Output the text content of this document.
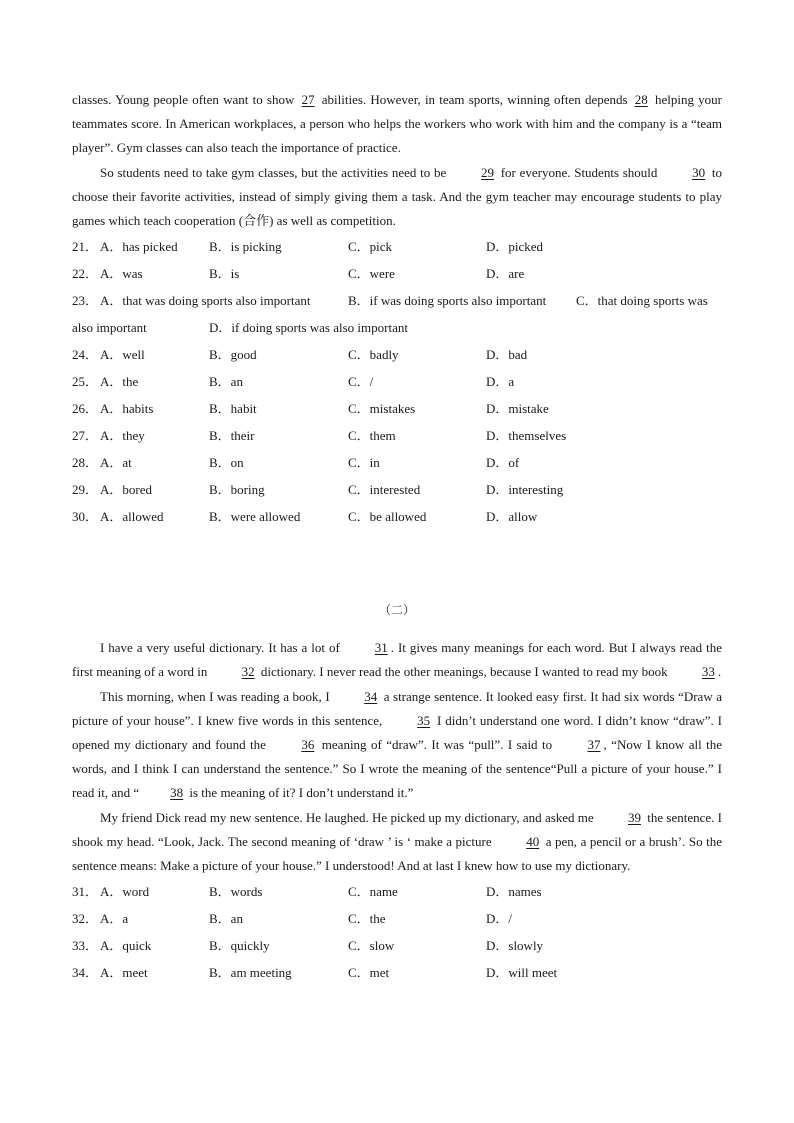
classes. Young people often want to show 27 abilities. However, in team sports, winning often depends 28 helping your teammates score. In American workplaces, a person who helps the workers who work with him and the company is a “team player”. Gym classes can also teach the importance of practice.

So students need to take gym classes, but the activities need to be 29 for everyone. Students should 30 to choose their favorite activities, instead of simply giving them a task. And the gym teacher may encourage students to play games which teach cooperation (合作) as well as competition.

21． A．has picked B．is picking	C．pick	D．picked
22． A．was	B．is	C．were	D．are
23． A．that was doing sports also important	B．if was doing sports also important C．that doing sports was
also important	D．if doing sports was also important
24． A．well	B．good	C．badly	D．bad
25． A．the	B．an	C．/	D．a
26． A．habits	B．habit	C．mistakes	D．mistake
27． A．they	B．their	C．them	D．themselves
28． A．at	B．on	C．in	D．of
29． A．bored	B．boring	C．interested	D．interesting
30． A．allowed	B．were allowed	C．be allowed	D．allow
（二）

I have a very useful dictionary. It has a lot of 31 . It gives many meanings for each word. But I always read the first meaning of a word in 32 dictionary. I never read the other meanings, because I wanted to read my book 33 .

This morning, when I was reading a book, I 34 a strange sentence. It looked easy first. It had six words “Draw a picture of your house”. I knew five words in this sentence, 35 I didn’t understand one word. I didn’t know “draw”. I opened my dictionary and found the 36 meaning of “draw”. It was “pull”. I said to 37 , “Now I know all the words, and I think I can understand the sentence.” So I wrote the meaning of the sentence“Pull a picture of your house.” I read it, and “ 38 is the meaning of it? I don’t understand it.”

My friend Dick read my new sentence. He laughed. He picked up my dictionary, and asked me 39 the sentence. I shook my head. “Look, Jack. The second meaning of ‘draw ’ is ‘ make a picture 40 a pen, a pencil or a brush’. So the sentence means: Make a picture of your house.” I understood! And at last I knew how to use my dictionary.

31． A．word	B．words	C．name	D．names
32． A．a	B．an	C．the	D．/
33． A．quick	B．quickly	C．slow	D．slowly
34． A．meet	B．am meeting	C．met	D．will meet
